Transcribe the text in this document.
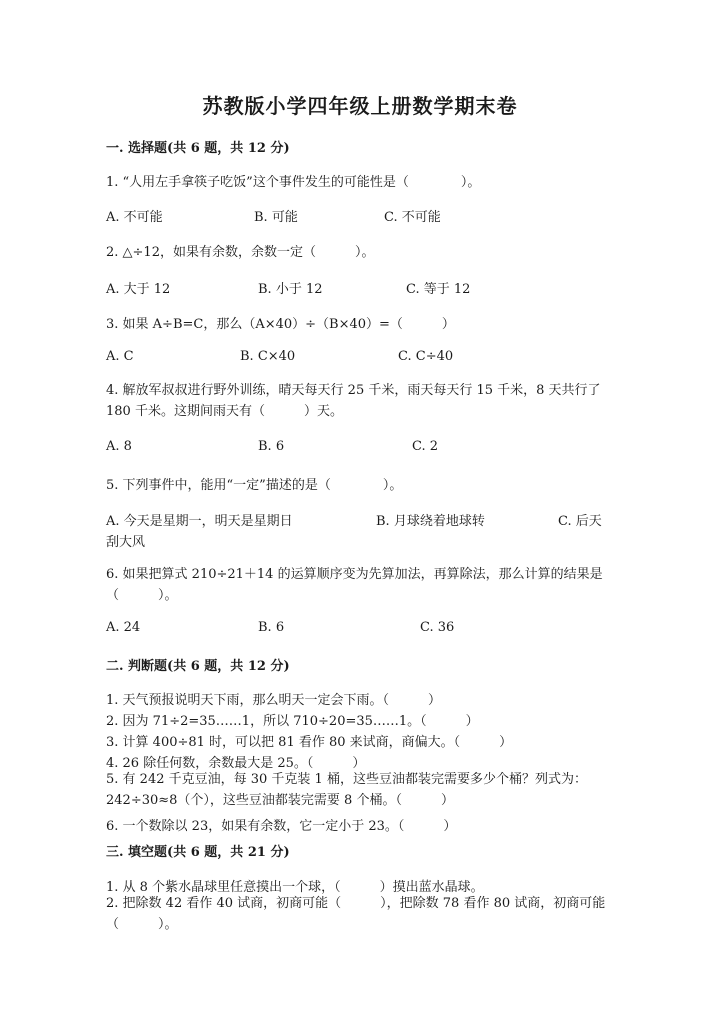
苏教版小学四年级上册数学期末卷
一. 选择题(共 6 题，共 12 分)
1. “人用左手拿筷子吃饭”这个事件发生的可能性是（　　　　）。
A. 不可能	B. 可能	C. 不可能
2. △÷12，如果有余数，余数一定（　　　）。
A. 大于 12	B. 小于 12	C. 等于 12
3. 如果 A÷B=C，那么（A×40）÷（B×40）=（　　　）
A. C	B. C×40	C. C÷40
4. 解放军叔叔进行野外训练，晴天每天行 25 千米，雨天每天行 15 千米，8 天共行了 180 千米。这期间雨天有（　　　）天。
A. 8	B. 6	C. 2
5. 下列事件中，能用“一定”描述的是（　　　　）。
A. 今天是星期一，明天是星期日	B. 月球绕着地球转	C. 后天
刮大风
6. 如果把算式 210÷21＋14 的运算顺序变为先算加法，再算除法，那么计算的结果是（　　　）。
A. 24	B. 6	C. 36
二. 判断题(共 6 题，共 12 分)
1. 天气预报说明天下雨，那么明天一定会下雨。（　　　）
2. 因为 71÷2=35……1，所以 710÷20=35……1。（　　　）
3. 计算 400÷81 时，可以把 81 看作 80 来试商，商偏大。（　　　）
4. 26 除任何数，余数最大是 25。（　　　）
5. 有 242 千克豆油，每 30 千克装 1 桶，这些豆油都装完需要多少个桶？列式为：242÷30≈8（个），这些豆油都装完需要 8 个桶。（　　　）
6. 一个数除以 23，如果有余数，它一定小于 23。（　　　）
三. 填空题(共 6 题，共 21 分)
1. 从 8 个紫水晶球里任意摸出一个球，（　　　）摸出蓝水晶球。
2. 把除数 42 看作 40 试商，初商可能（　　　），把除数 78 看作 80 试商，初商可能（　　　）。
